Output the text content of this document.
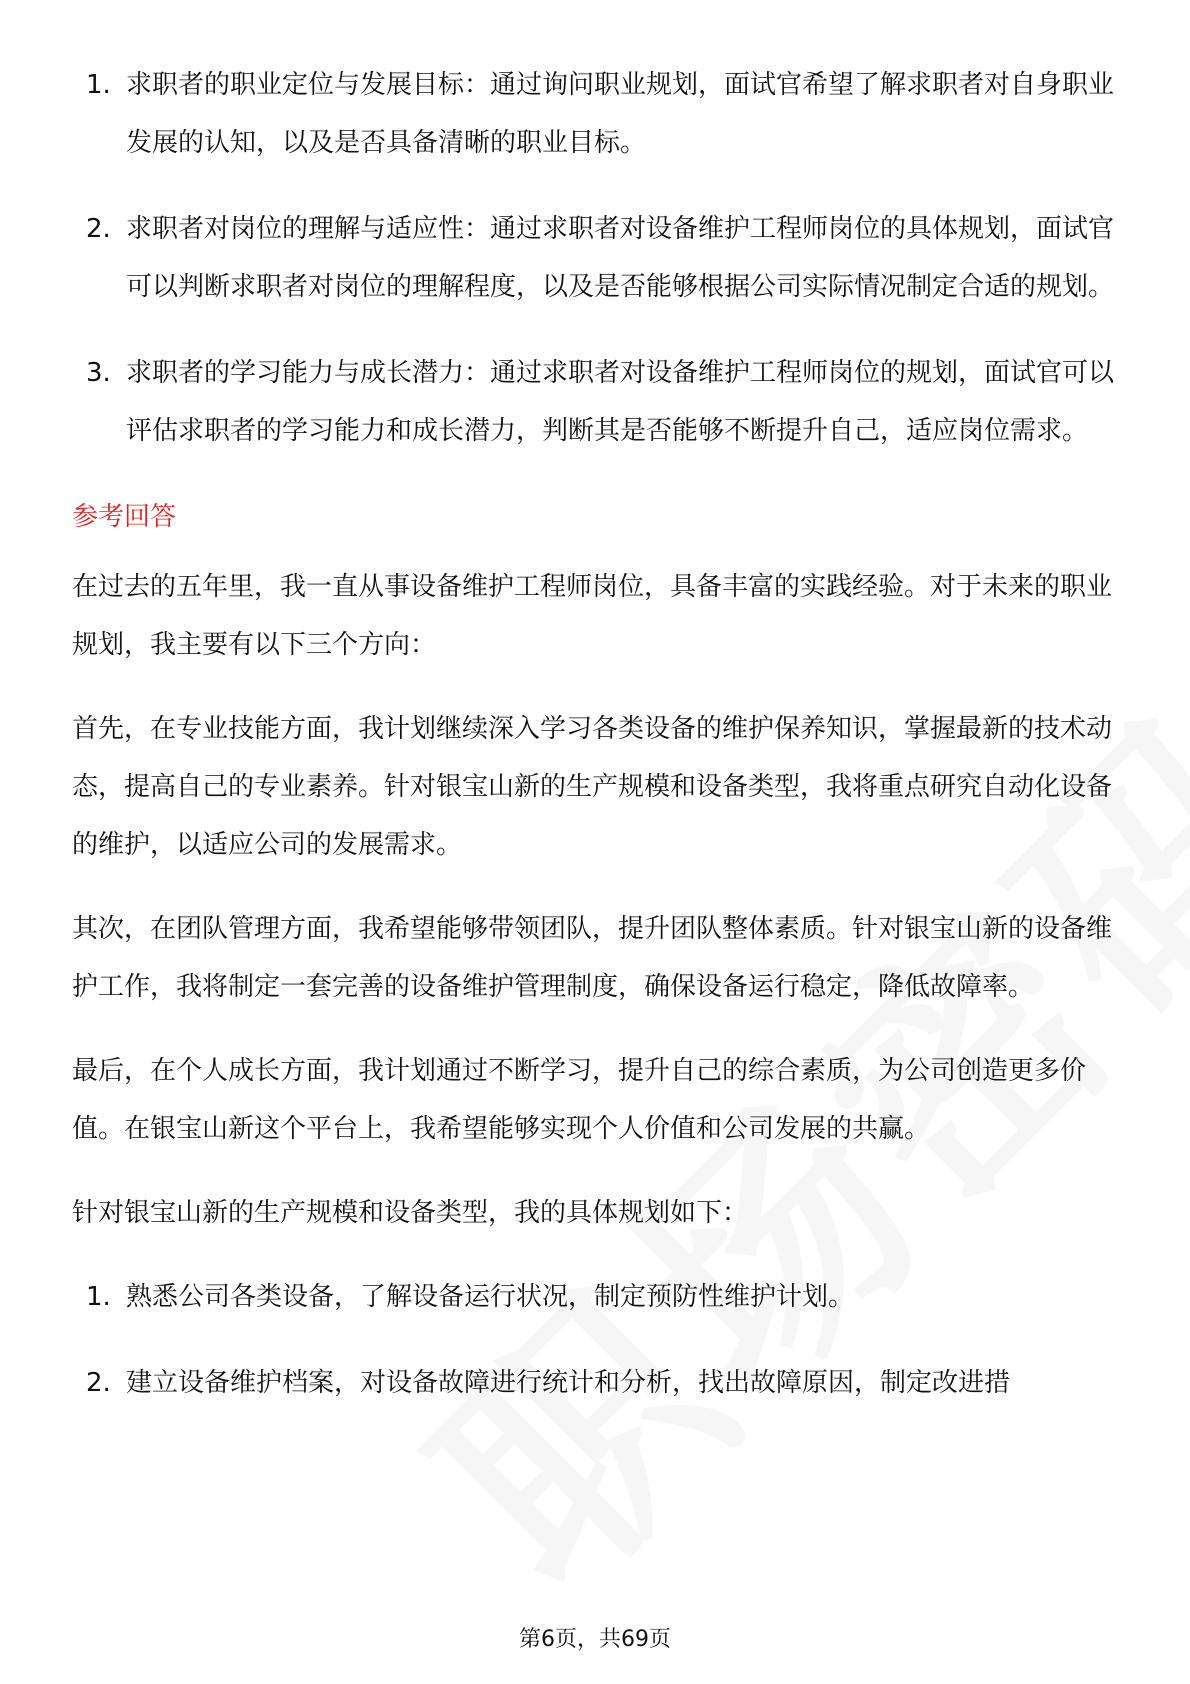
1. 求职者的职业定位与发展目标：通过询问职业规划，面试官希望了解求职者对自身职业发展的认知，以及是否具备清晰的职业目标。
2. 求职者对岗位的理解与适应性：通过求职者对设备维护工程师岗位的具体规划，面试官可以判断求职者对岗位的理解程度，以及是否能够根据公司实际情况制定合适的规划。
3. 求职者的学习能力与成长潜力：通过求职者对设备维护工程师岗位的规划，面试官可以评估求职者的学习能力和成长潜力，判断其是否能够不断提升自己，适应岗位需求。
参考回答

在过去的五年里，我一直从事设备维护工程师岗位，具备丰富的实践经验。对于未来的职业规划，我主要有以下三个方向：

首先，在专业技能方面，我计划继续深入学习各类设备的维护保养知识，掌握最新的技术动态，提高自己的专业素养。针对银宝山新的生产规模和设备类型，我将重点研究自动化设备的维护，以适应公司的发展需求。

其次，在团队管理方面，我希望能够带领团队，提升团队整体素质。针对银宝山新的设备维护工作，我将制定一套完善的设备维护管理制度，确保设备运行稳定，降低故障率。

最后，在个人成长方面，我计划通过不断学习，提升自己的综合素质，为公司创造更多价值。在银宝山新这个平台上，我希望能够实现个人价值和公司发展的共赢。

针对银宝山新的生产规模和设备类型，我的具体规划如下：

1. 熟悉公司各类设备，了解设备运行状况，制定预防性维护计划。
2. 建立设备维护档案，对设备故障进行统计和分析，找出故障原因，制定改进措
第6页，共69页
